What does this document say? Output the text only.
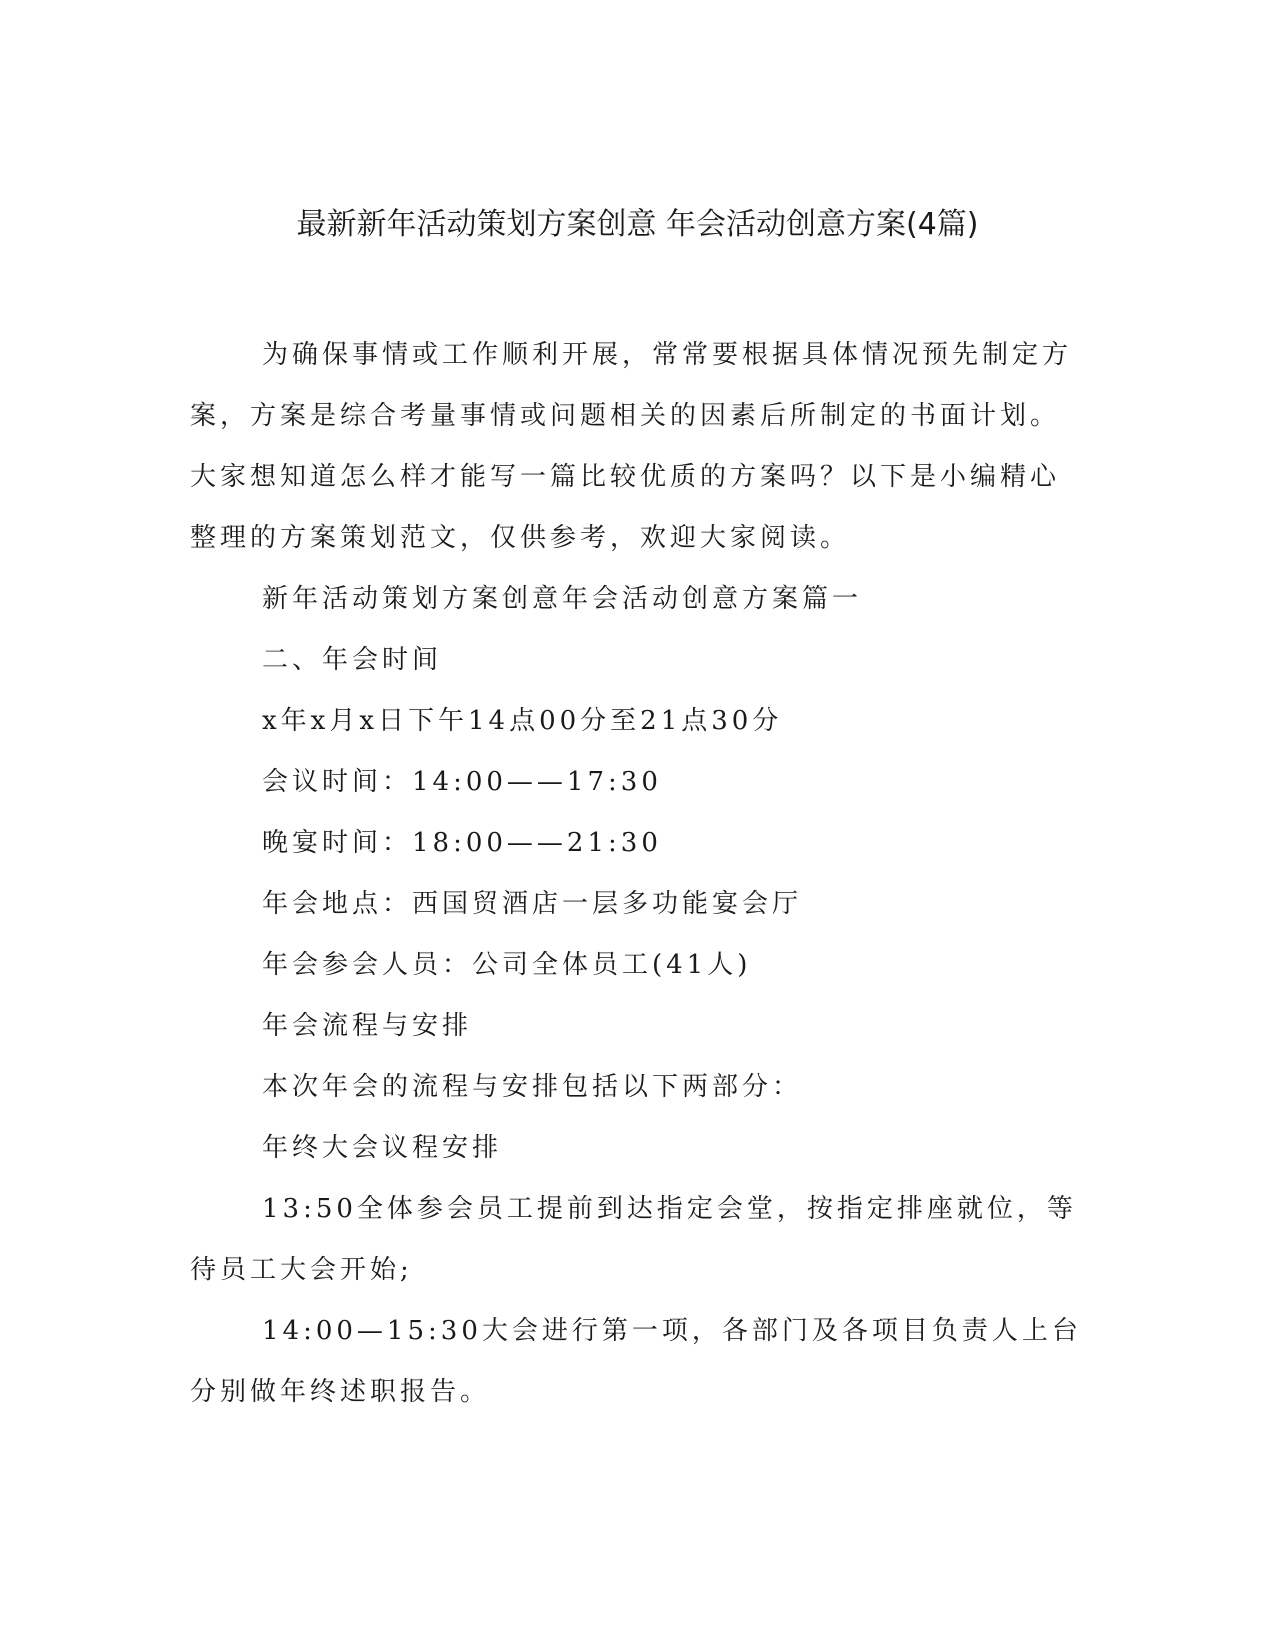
最新新年活动策划方案创意 年会活动创意方案(4篇)

为确保事情或工作顺利开展，常常要根据具体情况预先制定方案，方案是综合考量事情或问题相关的因素后所制定的书面计划。大家想知道怎么样才能写一篇比较优质的方案吗？以下是小编精心整理的方案策划范文，仅供参考，欢迎大家阅读。

新年活动策划方案创意年会活动创意方案篇一

二、年会时间

x年x月x日下午14点00分至21点30分

会议时间：14:00——17:30

晚宴时间：18:00——21:30

年会地点：西国贸酒店一层多功能宴会厅

年会参会人员：公司全体员工(41人)

年会流程与安排

本次年会的流程与安排包括以下两部分：

年终大会议程安排

13:50全体参会员工提前到达指定会堂，按指定排座就位，等待员工大会开始;

14:00—15:30大会进行第一项，各部门及各项目负责人上台分别做年终述职报告。
